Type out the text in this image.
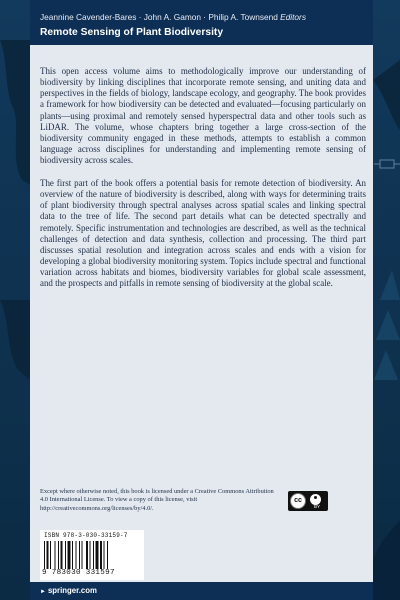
Jeannine Cavender-Bares · John A. Gamon · Philip A. Townsend Editors
Remote Sensing of Plant Biodiversity

This open access volume aims to methodologically improve our understanding of biodiversity by linking disciplines that incorporate remote sensing, and uniting data and perspectives in the fields of biology, landscape ecology, and geography. The book provides a framework for how biodiversity can be detected and evaluated—focusing particularly on plants—using proximal and remotely sensed hyperspectral data and other tools such as LiDAR. The volume, whose chapters bring together a large cross-section of the biodiversity community engaged in these methods, attempts to establish a common language across disciplines for understanding and implementing remote sensing of biodiversity across scales.

The first part of the book offers a potential basis for remote detection of biodiversity. An overview of the nature of biodiversity is described, along with ways for determining traits of plant biodiversity through spectral analyses across spatial scales and linking spectral data to the tree of life. The second part details what can be detected spectrally and remotely. Specific instrumentation and technologies are described, as well as the technical challenges of detection and data synthesis, collection and processing. The third part discusses spatial resolution and integration across scales and ends with a vision for developing a global biodiversity monitoring system. Topics include spectral and functional variation across habitats and biomes, biodiversity variables for global scale assessment, and the prospects and pitfalls in remote sensing of biodiversity at the global scale.

Except where otherwise noted, this book is licensed under a Creative Commons Attribution 4.0 International License. To view a copy of this license, visit http://creativecommons.org/licenses/by/4.0/.

cc
BY
ISBN 978-3-030-33159-7
9 783030 331597
► springer.com
